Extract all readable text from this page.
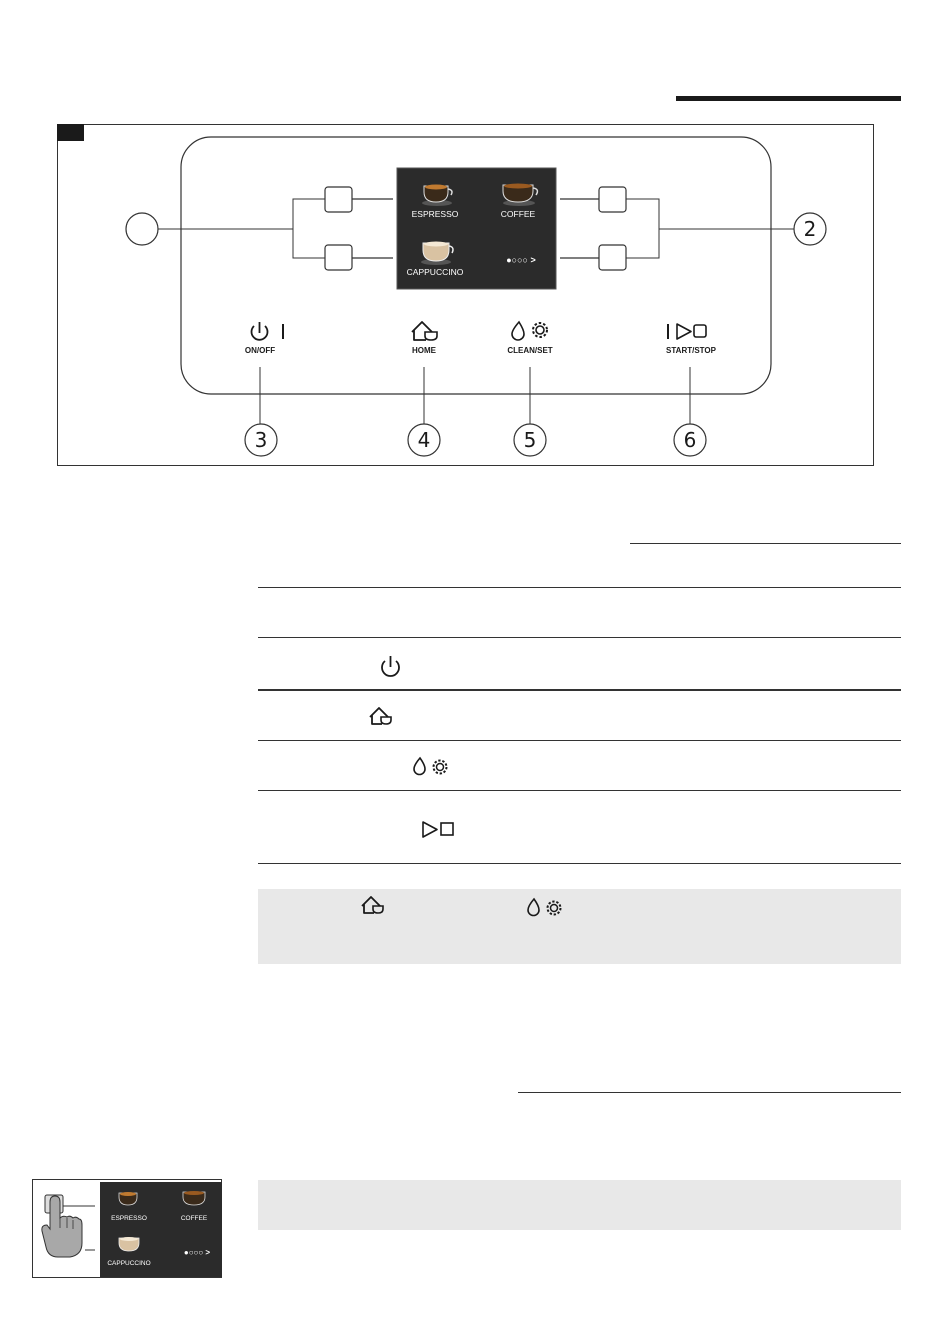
ESPRESSO	COFFEE
CAPPUCCINO
●○○○ >
2
ON/OFF
3
HOME
4
CLEAN/SET
5
START/STOP
6
ESPRESSO	COFFEE
CAPPUCCINO
●○○○ >
